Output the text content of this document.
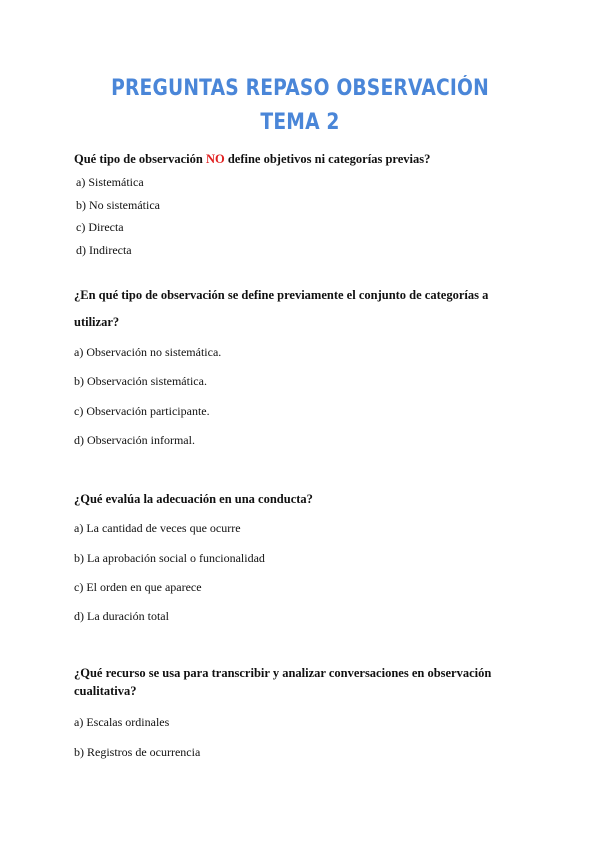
PREGUNTAS REPASO OBSERVACIÓN
TEMA 2
Qué tipo de observación NO define objetivos ni categorías previas?
a) Sistemática
b) No sistemática
c) Directa
d) Indirecta
¿En qué tipo de observación se define previamente el conjunto de categorías a
utilizar?
a) Observación no sistemática.
b) Observación sistemática.
c) Observación participante.
d) Observación informal.
¿Qué evalúa la adecuación en una conducta?
a) La cantidad de veces que ocurre
b) La aprobación social o funcionalidad
c) El orden en que aparece
d) La duración total
¿Qué recurso se usa para transcribir y analizar conversaciones en observación
cualitativa?
a) Escalas ordinales
b) Registros de ocurrencia
